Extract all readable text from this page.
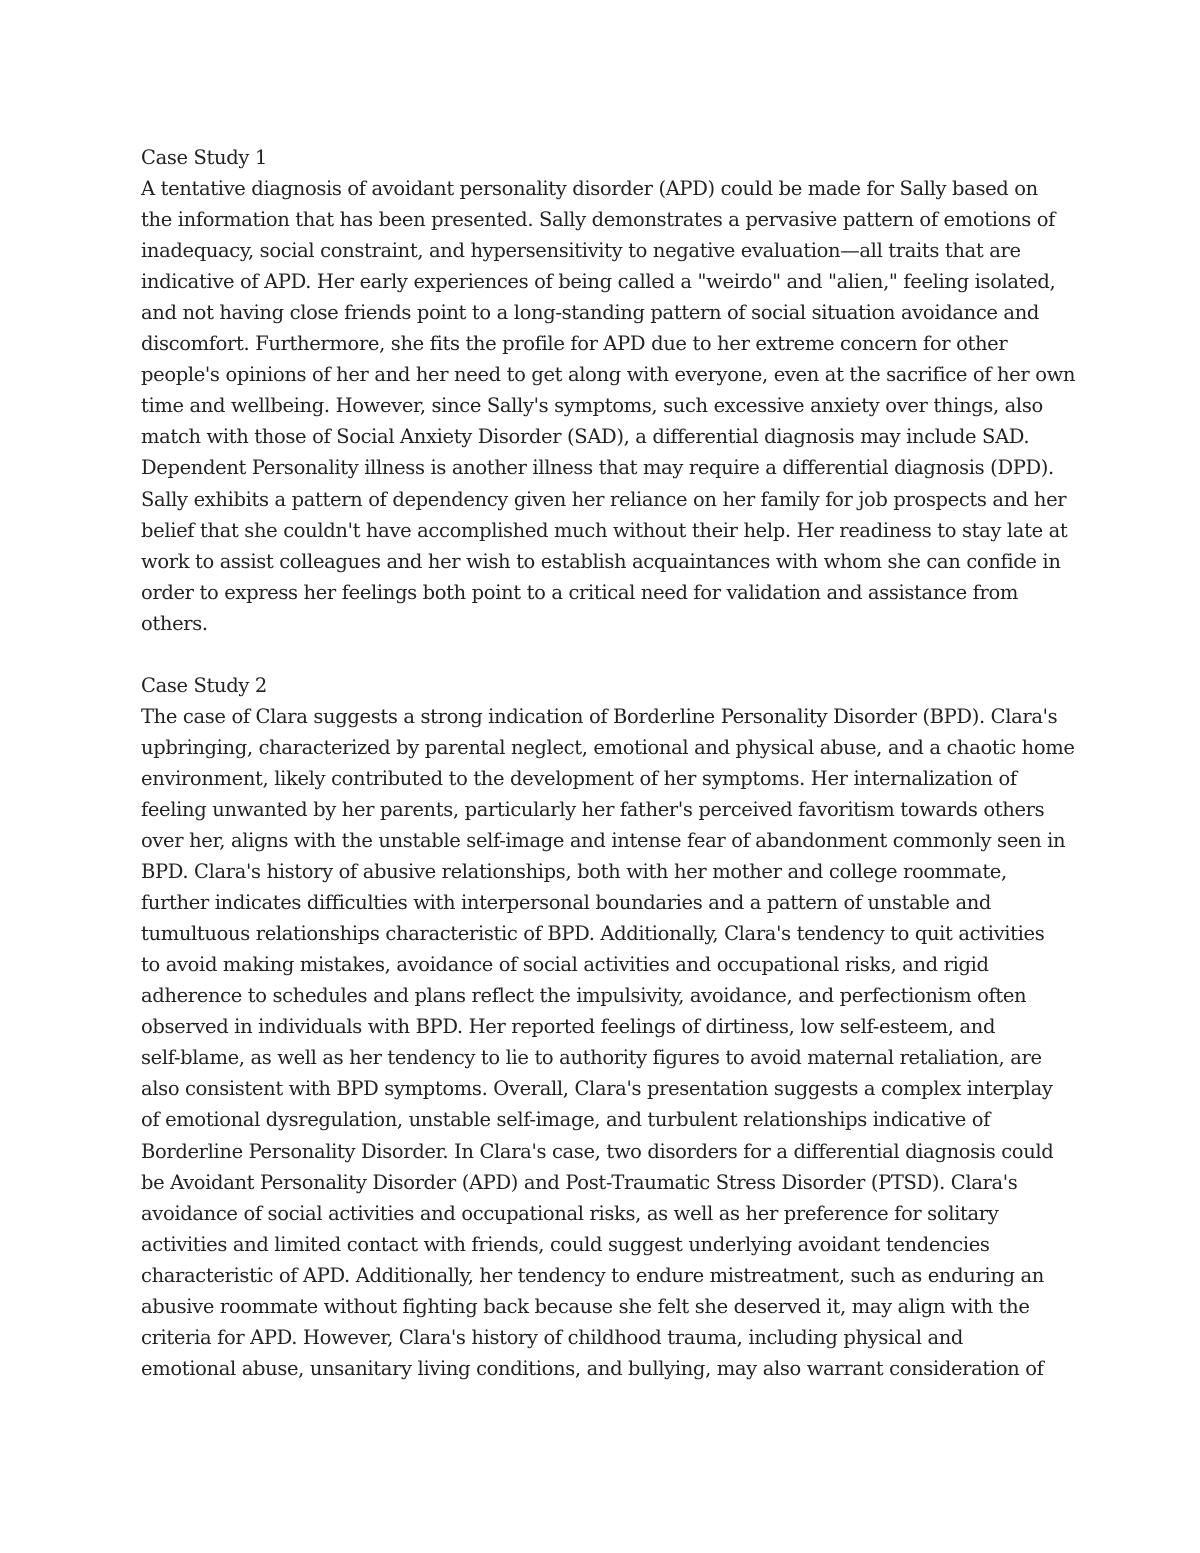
Case Study 1
A tentative diagnosis of avoidant personality disorder (APD) could be made for Sally based on
the information that has been presented. Sally demonstrates a pervasive pattern of emotions of
inadequacy, social constraint, and hypersensitivity to negative evaluation—all traits that are
indicative of APD. Her early experiences of being called a "weirdo" and "alien," feeling isolated,
and not having close friends point to a long-standing pattern of social situation avoidance and
discomfort. Furthermore, she fits the profile for APD due to her extreme concern for other
people's opinions of her and her need to get along with everyone, even at the sacrifice of her own
time and wellbeing. However, since Sally's symptoms, such excessive anxiety over things, also
match with those of Social Anxiety Disorder (SAD), a differential diagnosis may include SAD.
Dependent Personality illness is another illness that may require a differential diagnosis (DPD).
Sally exhibits a pattern of dependency given her reliance on her family for job prospects and her
belief that she couldn't have accomplished much without their help. Her readiness to stay late at
work to assist colleagues and her wish to establish acquaintances with whom she can confide in
order to express her feelings both point to a critical need for validation and assistance from
others.
Case Study 2
The case of Clara suggests a strong indication of Borderline Personality Disorder (BPD). Clara's
upbringing, characterized by parental neglect, emotional and physical abuse, and a chaotic home
environment, likely contributed to the development of her symptoms. Her internalization of
feeling unwanted by her parents, particularly her father's perceived favoritism towards others
over her, aligns with the unstable self-image and intense fear of abandonment commonly seen in
BPD. Clara's history of abusive relationships, both with her mother and college roommate,
further indicates difficulties with interpersonal boundaries and a pattern of unstable and
tumultuous relationships characteristic of BPD. Additionally, Clara's tendency to quit activities
to avoid making mistakes, avoidance of social activities and occupational risks, and rigid
adherence to schedules and plans reflect the impulsivity, avoidance, and perfectionism often
observed in individuals with BPD. Her reported feelings of dirtiness, low self-esteem, and
self-blame, as well as her tendency to lie to authority figures to avoid maternal retaliation, are
also consistent with BPD symptoms. Overall, Clara's presentation suggests a complex interplay
of emotional dysregulation, unstable self-image, and turbulent relationships indicative of
Borderline Personality Disorder. In Clara's case, two disorders for a differential diagnosis could
be Avoidant Personality Disorder (APD) and Post-Traumatic Stress Disorder (PTSD). Clara's
avoidance of social activities and occupational risks, as well as her preference for solitary
activities and limited contact with friends, could suggest underlying avoidant tendencies
characteristic of APD. Additionally, her tendency to endure mistreatment, such as enduring an
abusive roommate without fighting back because she felt she deserved it, may align with the
criteria for APD. However, Clara's history of childhood trauma, including physical and
emotional abuse, unsanitary living conditions, and bullying, may also warrant consideration of
